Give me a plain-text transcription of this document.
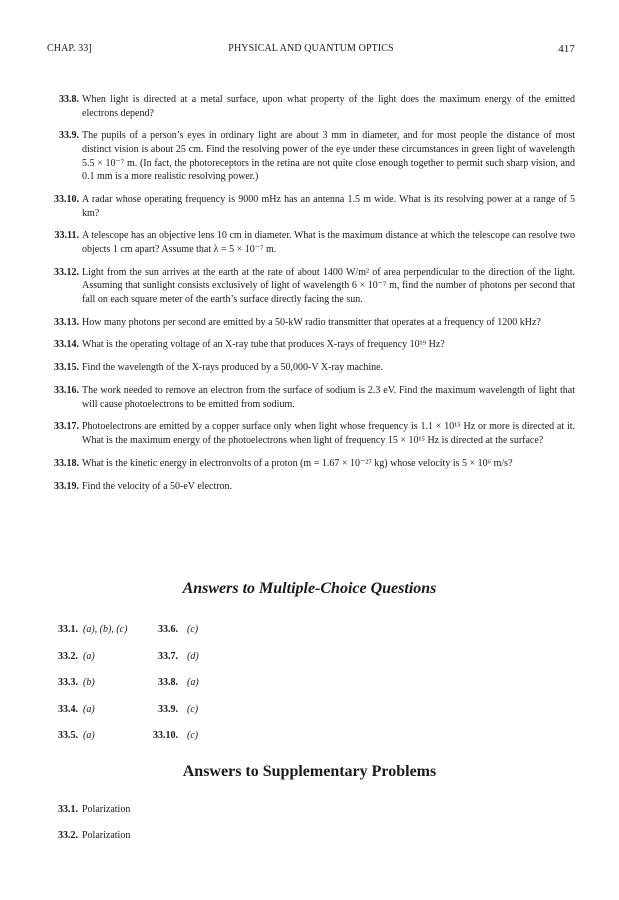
CHAP. 33]	PHYSICAL AND QUANTUM OPTICS	417
33.8. When light is directed at a metal surface, upon what property of the light does the maximum energy of the emitted electrons depend?
33.9. The pupils of a person’s eyes in ordinary light are about 3 mm in diameter, and for most people the distance of most distinct vision is about 25 cm. Find the resolving power of the eye under these circumstances in green light of wavelength 5.5 × 10⁻⁷ m. (In fact, the photoreceptors in the retina are not quite close enough together to permit such sharp vision, and 0.1 mm is a more realistic resolving power.)
33.10. A radar whose operating frequency is 9000 mHz has an antenna 1.5 m wide. What is its resolving power at a range of 5 km?
33.11. A telescope has an objective lens 10 cm in diameter. What is the maximum distance at which the telescope can resolve two objects 1 cm apart? Assume that λ = 5 × 10⁻⁷ m.
33.12. Light from the sun arrives at the earth at the rate of about 1400 W/m² of area perpendicular to the direction of the light. Assuming that sunlight consists exclusively of light of wavelength 6 × 10⁻⁷ m, find the number of photons per second that fall on each square meter of the earth’s surface directly facing the sun.
33.13. How many photons per second are emitted by a 50-kW radio transmitter that operates at a frequency of 1200 kHz?
33.14. What is the operating voltage of an X-ray tube that produces X-rays of frequency 10¹⁹ Hz?
33.15. Find the wavelength of the X-rays produced by a 50,000-V X-ray machine.
33.16. The work needed to remove an electron from the surface of sodium is 2.3 eV. Find the maximum wavelength of light that will cause photoelectrons to be emitted from sodium.
33.17. Photoelectrons are emitted by a copper surface only when light whose frequency is 1.1 × 10¹⁵ Hz or more is directed at it. What is the maximum energy of the photoelectrons when light of frequency 15 × 10¹⁵ Hz is directed at the surface?
33.18. What is the kinetic energy in electronvolts of a proton (m = 1.67 × 10⁻²⁷ kg) whose velocity is 5 × 10⁶ m/s?
33.19. Find the velocity of a 50-eV electron.
Answers to Multiple-Choice Questions
33.1. (a), (b), (c)	33.6. (c)
33.2. (a)	33.7. (d)
33.3. (b)	33.8. (a)
33.4. (a)	33.9. (c)
33.5. (a)	33.10. (c)
Answers to Supplementary Problems
33.1. Polarization
33.2. Polarization
